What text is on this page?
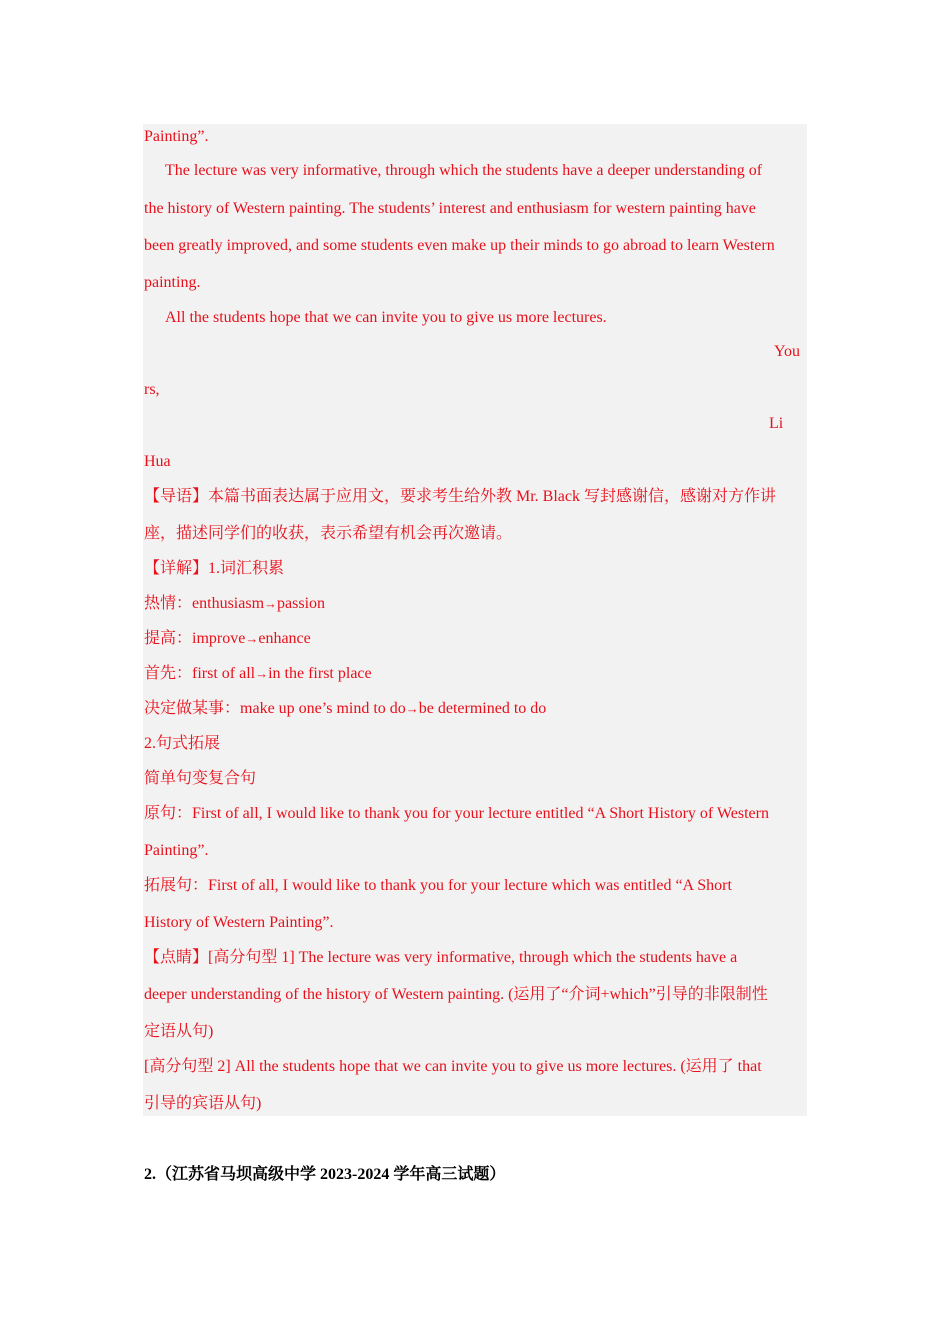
Painting”.
The lecture was very informative, through which the students have a deeper understanding of
the history of Western painting. The students’ interest and enthusiasm for western painting have
been greatly improved, and some students even make up their minds to go abroad to learn Western
painting.
All the students hope that we can invite you to give us more lectures.
You
rs,
Li
Hua
【导语】本篇书面表达属于应用文，要求考生给外教 Mr. Black 写封感谢信，感谢对方作讲
座，描述同学们的收获，表示希望有机会再次邀请。
【详解】1.词汇积累
热情：enthusiasm→passion
提高：improve→enhance
首先：first of all→in the first place
决定做某事：make up one’s mind to do→be determined to do
2.句式拓展
简单句变复合句
原句：First of all, I would like to thank you for your lecture entitled “A Short History of Western
Painting”.
拓展句：First of all, I would like to thank you for your lecture which was entitled “A Short
History of Western Painting”.
【点睛】[高分句型 1] The lecture was very informative, through which the students have a
deeper understanding of the history of Western painting. (运用了“介词+which”引导的非限制性
定语从句)
[高分句型 2] All the students hope that we can invite you to give us more lectures. (运用了 that
引导的宾语从句)
2.（江苏省马坝高级中学 2023-2024 学年高三试题）
